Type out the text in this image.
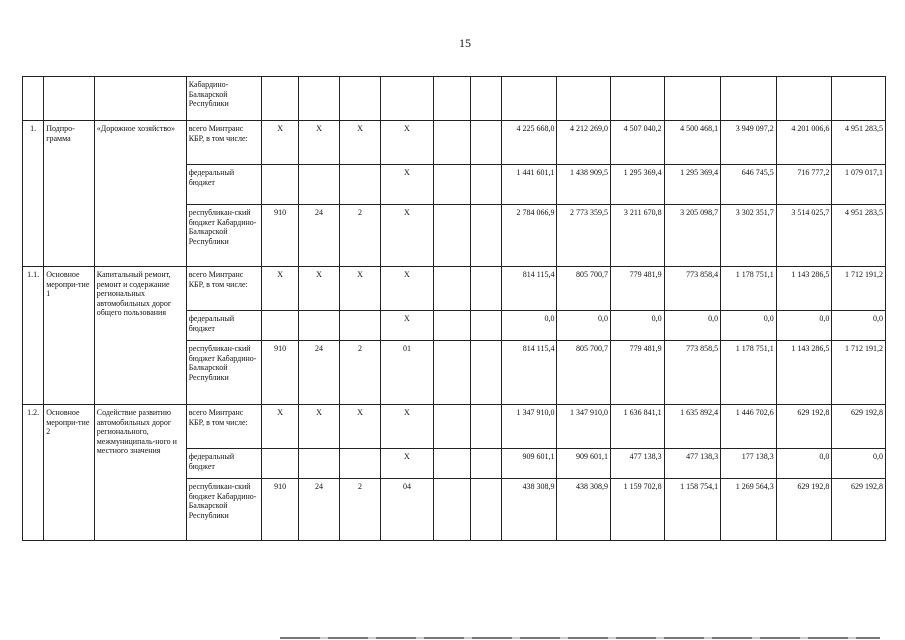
15
			Кабардино-Балкарской Республики													
1.	Подпро-грамма	«Дорожное хозяйство»	всего Минтранс КБР, в том числе:	X	X	X	X			4 225 668,0	4 212 269,0	4 507 040,2	4 500 468,1	3 949 097,2	4 201 006,6	4 951 283,5
			федеральный бюджет				X			1 441 601,1	1 438 909,5	1 295 369,4	1 295 369,4	646 745,5	716 777,2	1 079 017,1
			республикан-ский бюджет Кабардино-Балкарской Республики	910	24	2	X			2 784 066,9	2 773 359,5	3 211 670,8	3 205 098,7	3 302 351,7	3 514 025,7	4 951 283,5
1.1.	Основное меропри-тие 1	Капитальный ремонт, ремонт и содержание региональных автомобильных дорог общего пользования	всего Минтранс КБР, в том числе:	X	X	X	X			814 115,4	805 700,7	779 481,9	773 858,4	1 178 751,1	1 143 286,5	1 712 191,2
			федеральный бюджет				X			0,0	0,0	0,0	0,0	0,0	0,0	0,0
			республикан-ский бюджет Кабардино-Балкарской Республики	910	24	2	01			814 115,4	805 700,7	779 481,9	773 858,5	1 178 751,1	1 143 286,5	1 712 191,2
1.2.	Основное меропри-тие 2	Содействие развитию автомобильных дорог регионального, межмуниципаль-ного и местного значения	всего Минтранс КБР, в том числе:	X	X	X	X			1 347 910,0	1 347 910,0	1 636 841,1	1 635 892,4	1 446 702,6	629 192,8	629 192,8
			федеральный бюджет				X			909 601,1	909 601,1	477 138,3	477 138,3	177 138,3	0,0	0,0
			республикан-ский бюджет Кабардино-Балкарской Республики	910	24	2	04			438 308,9	438 308,9	1 159 702,8	1 158 754,1	1 269 564,3	629 192,8	629 192,8
